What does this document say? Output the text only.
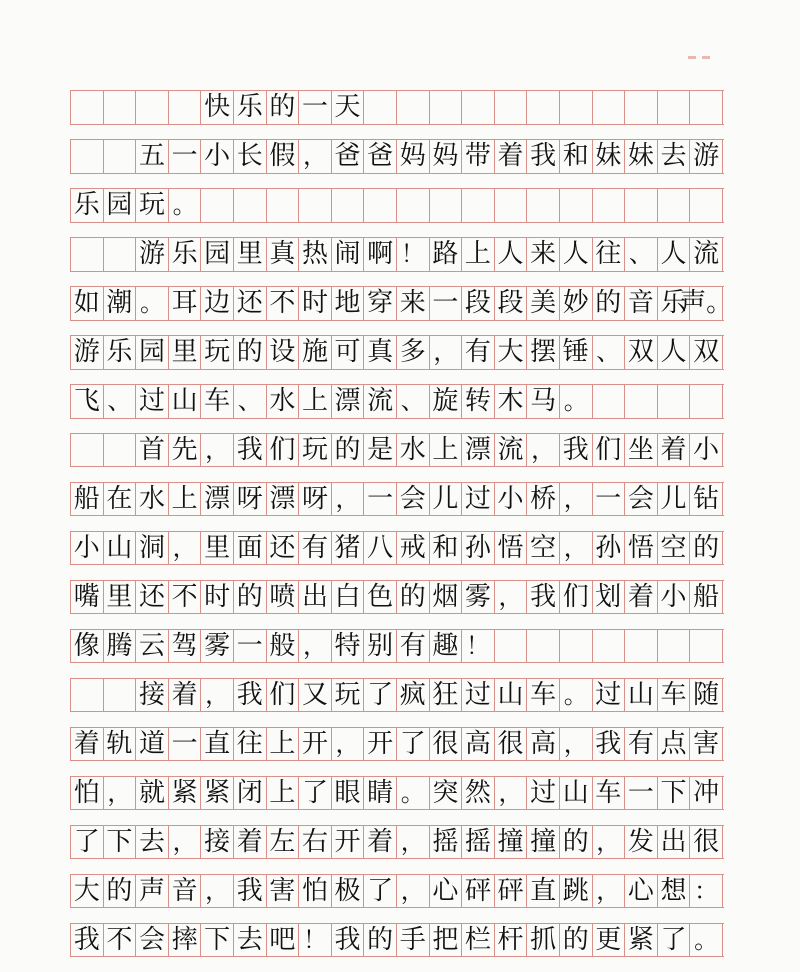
快 乐 的 一 天
五 一 小 长 假 ， 爸 爸 妈 妈 带 着 我 和 妹 妹 去 游
乐 园 玩 。
游 乐 园 里 真 热 闹 啊 ！ 路 上 人 来 人 往 、 人 流
如 潮 。 耳 边 还 不 时 地 穿 来 一 段 段 美 妙 的 音 乐
声。
游 乐 园 里 玩 的 设 施 可 真 多 ， 有 大 摆 锤 、 双 人 双
飞 、 过 山 车 、 水 上 漂 流 、 旋 转 木 马 。
首 先 ， 我 们 玩 的 是 水 上 漂 流 ， 我 们 坐 着 小
船 在 水 上 漂 呀 漂 呀 ， 一 会 儿 过 小 桥 ， 一 会 儿 钻
小 山 洞 ， 里 面 还 有 猪 八 戒 和 孙 悟 空 ， 孙 悟 空 的
嘴 里 还 不 时 的 喷 出 白 色 的 烟 雾 ， 我 们 划 着 小 船
像 腾 云 驾 雾 一 般 ， 特 别 有 趣 ！
接 着 ， 我 们 又 玩 了 疯 狂 过 山 车 。 过 山 车 随
着 轨 道 一 直 往 上 开 ， 开 了 很 高 很 高 ， 我 有 点 害
怕 ， 就 紧 紧 闭 上 了 眼 睛 。 突 然 ， 过 山 车 一 下 冲
了 下 去 ， 接 着 左 右 开 着 ， 摇 摇 撞 撞 的 ， 发 出 很
大 的 声 音 ， 我 害 怕 极 了 ， 心 砰 砰 直 跳 ， 心 想 ：
我 不 会 摔 下 去 吧 ！ 我 的 手 把 栏 杆 抓 的 更 紧 了 。
